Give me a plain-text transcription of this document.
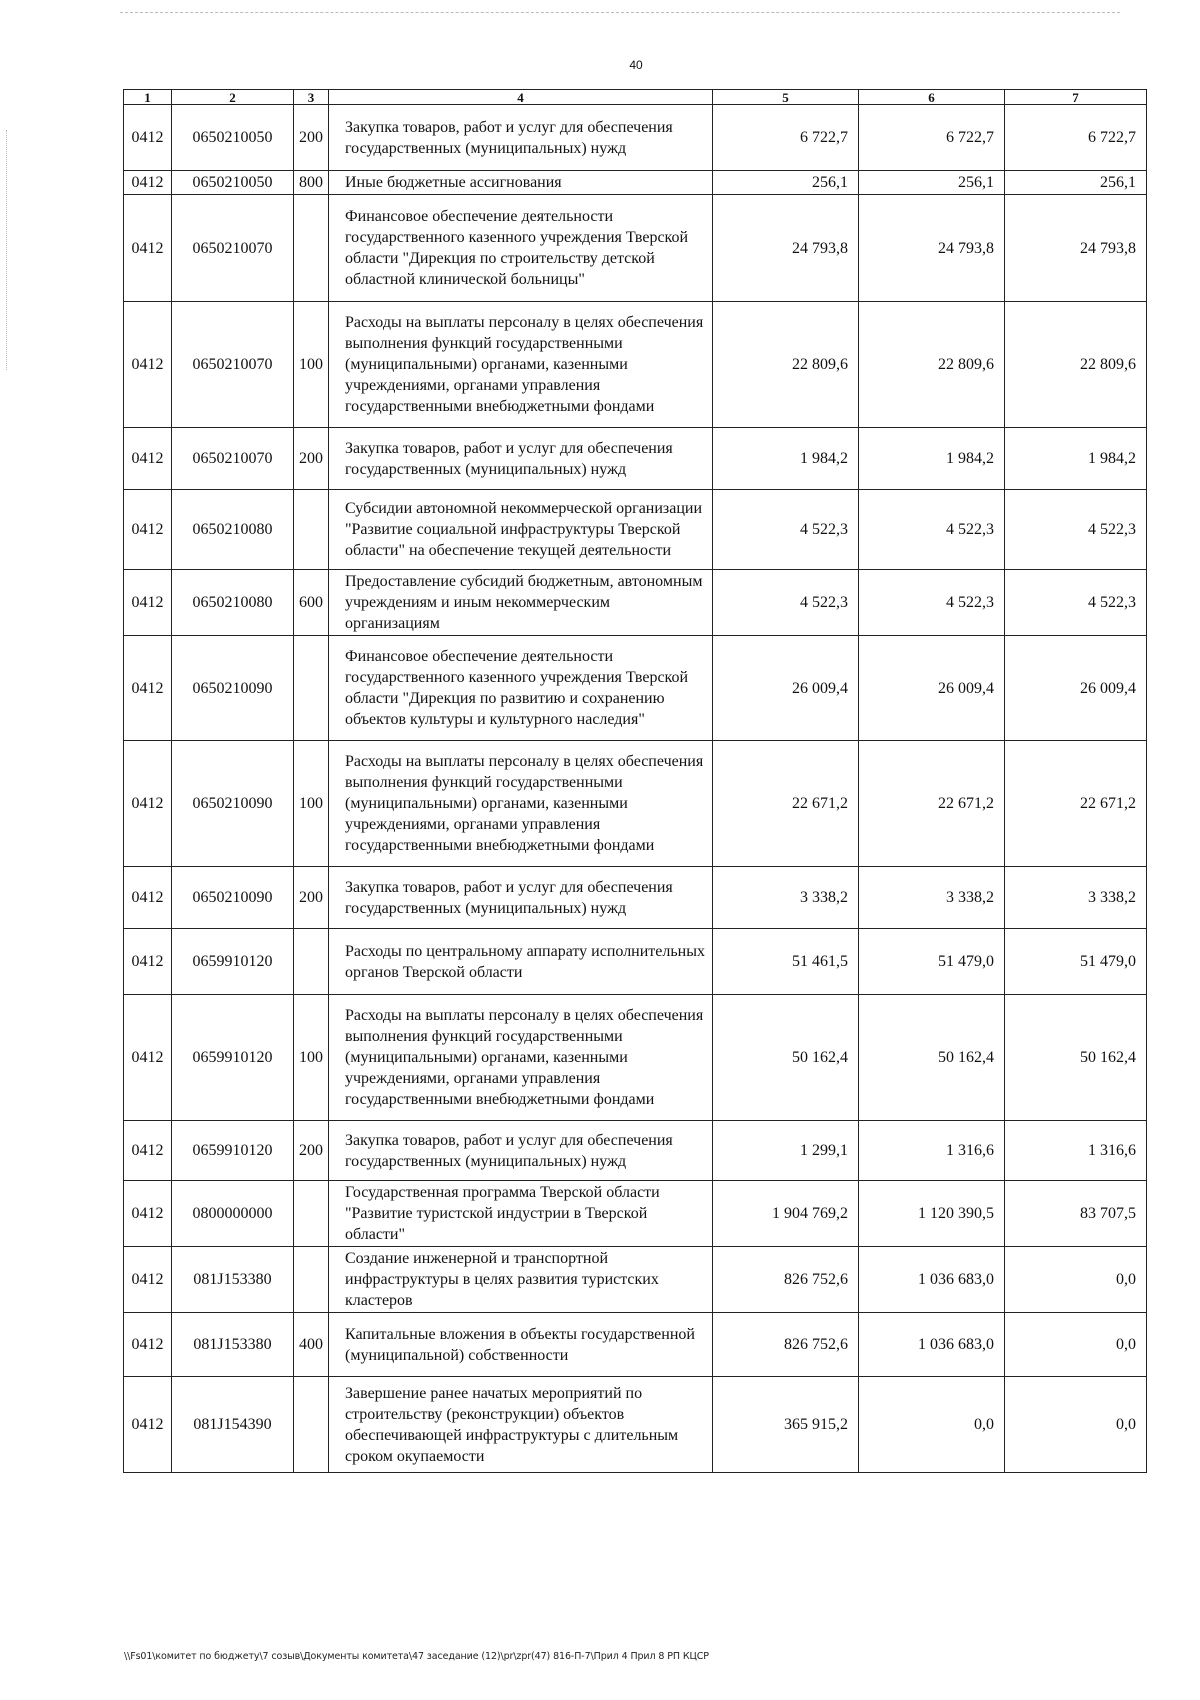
40
1	2	3	4	5	6	7
0412	0650210050	200	Закупка товаров, работ и услуг для обеспечения государственных (муниципальных) нужд	6 722,7	6 722,7	6 722,7
0412	0650210050	800	Иные бюджетные ассигнования	256,1	256,1	256,1
0412	0650210070		Финансовое обеспечение деятельности государственного казенного учреждения Тверской области "Дирекция по строительству детской областной клинической больницы"	24 793,8	24 793,8	24 793,8
0412	0650210070	100	Расходы на выплаты персоналу в целях обеспечения выполнения функций государственными (муниципальными) органами, казенными учреждениями, органами управления государственными внебюджетными фондами	22 809,6	22 809,6	22 809,6
0412	0650210070	200	Закупка товаров, работ и услуг для обеспечения государственных (муниципальных) нужд	1 984,2	1 984,2	1 984,2
0412	0650210080		Субсидии автономной некоммерческой организации "Развитие социальной инфраструктуры Тверской области" на обеспечение текущей деятельности	4 522,3	4 522,3	4 522,3
0412	0650210080	600	Предоставление субсидий бюджетным, автономным учреждениям и иным некоммерческим организациям	4 522,3	4 522,3	4 522,3
0412	0650210090		Финансовое обеспечение деятельности государственного казенного учреждения Тверской области "Дирекция по развитию и сохранению объектов культуры и культурного наследия"	26 009,4	26 009,4	26 009,4
0412	0650210090	100	Расходы на выплаты персоналу в целях обеспечения выполнения функций государственными (муниципальными) органами, казенными учреждениями, органами управления государственными внебюджетными фондами	22 671,2	22 671,2	22 671,2
0412	0650210090	200	Закупка товаров, работ и услуг для обеспечения государственных (муниципальных) нужд	3 338,2	3 338,2	3 338,2
0412	0659910120		Расходы по центральному аппарату исполнительных органов Тверской области	51 461,5	51 479,0	51 479,0
0412	0659910120	100	Расходы на выплаты персоналу в целях обеспечения выполнения функций государственными (муниципальными) органами, казенными учреждениями, органами управления государственными внебюджетными фондами	50 162,4	50 162,4	50 162,4
0412	0659910120	200	Закупка товаров, работ и услуг для обеспечения государственных (муниципальных) нужд	1 299,1	1 316,6	1 316,6
0412	0800000000		Государственная программа Тверской области "Развитие туристской индустрии в Тверской области"	1 904 769,2	1 120 390,5	83 707,5
0412	081J153380		Создание инженерной и транспортной инфраструктуры в целях развития туристских кластеров	826 752,6	1 036 683,0	0,0
0412	081J153380	400	Капитальные вложения в объекты государственной (муниципальной) собственности	826 752,6	1 036 683,0	0,0
0412	081J154390		Завершение ранее начатых мероприятий по строительству (реконструкции) объектов обеспечивающей инфраструктуры с длительным сроком окупаемости	365 915,2	0,0	0,0
\\Fs01\комитет по бюджету\7 созыв\Документы комитета\47 заседание (12)\pr\zpr(47) 816-П-7\Прил 4 Прил 8 РП КЦСР
